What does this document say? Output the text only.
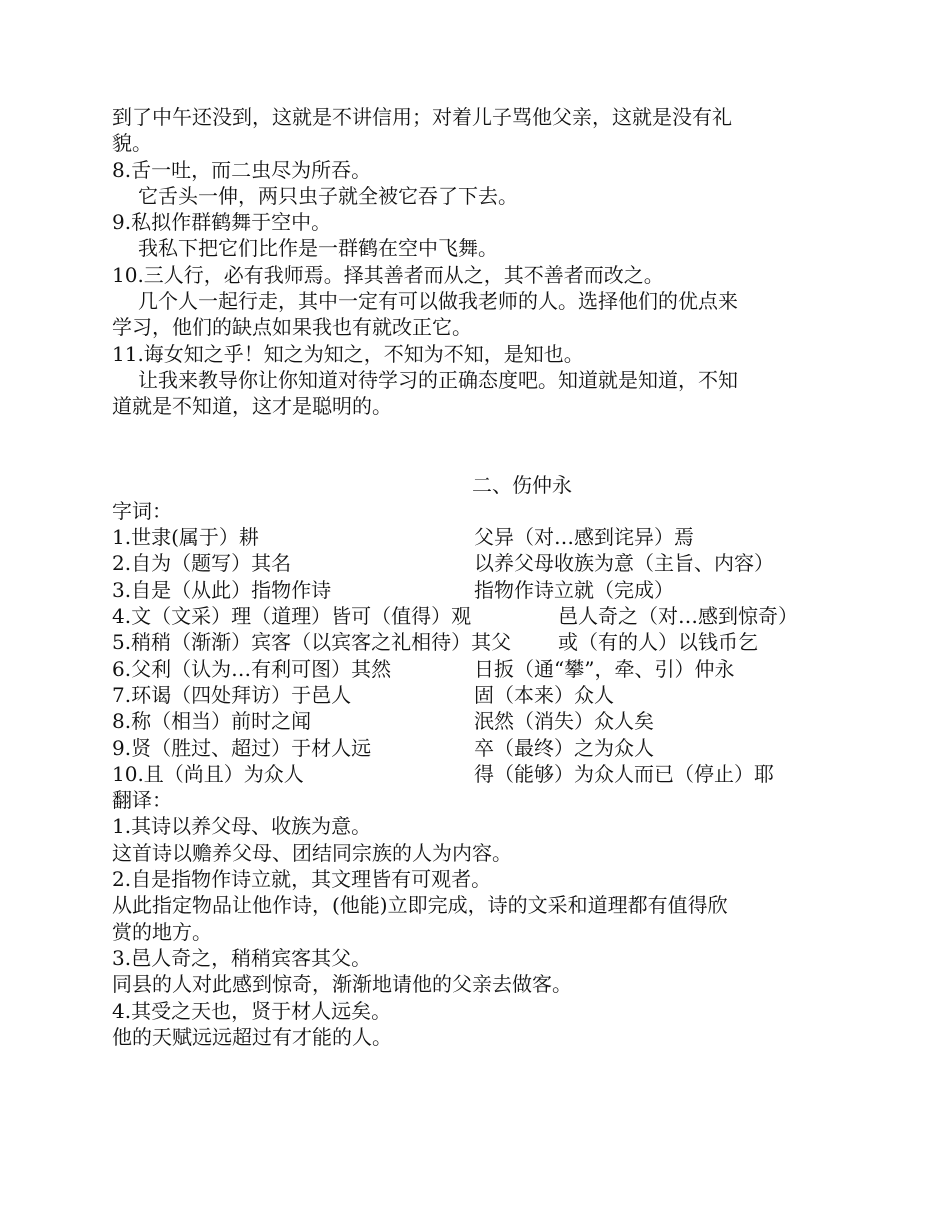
到了中午还没到，这就是不讲信用；对着儿子骂他父亲，这就是没有礼
貌。
8.舌一吐，而二虫尽为所吞。
它舌头一伸，两只虫子就全被它吞了下去。
9.私拟作群鹤舞于空中。
我私下把它们比作是一群鹤在空中飞舞。
10.三人行，必有我师焉。择其善者而从之，其不善者而改之。
几个人一起行走，其中一定有可以做我老师的人。选择他们的优点来
学习，他们的缺点如果我也有就改正它。
11.诲女知之乎！知之为知之，不知为不知，是知也。
让我来教导你让你知道对待学习的正确态度吧。知道就是知道，不知
道就是不知道，这才是聪明的。
二、伤仲永
字词：
1.世隶(属于）耕	父异（对…感到诧异）焉
2.自为（题写）其名	以养父母收族为意（主旨、内容）
3.自是（从此）指物作诗	指物作诗立就（完成）
4.文（文采）理（道理）皆可（值得）观	邑人奇之（对…感到惊奇）
5.稍稍（渐渐）宾客（以宾客之礼相待）其父	或（有的人）以钱币乞
6.父利（认为…有利可图）其然	日扳（通“攀”，牵、引）仲永
7.环谒（四处拜访）于邑人	固（本来）众人
8.称（相当）前时之闻	泯然（消失）众人矣
9.贤（胜过、超过）于材人远	卒（最终）之为众人
10.且（尚且）为众人	得（能够）为众人而已（停止）耶
翻译：
1.其诗以养父母、收族为意。
这首诗以赡养父母、团结同宗族的人为内容。
2.自是指物作诗立就，其文理皆有可观者。
从此指定物品让他作诗，(他能)立即完成，诗的文采和道理都有值得欣
赏的地方。
3.邑人奇之，稍稍宾客其父。
同县的人对此感到惊奇，渐渐地请他的父亲去做客。
4.其受之天也，贤于材人远矣。
他的天赋远远超过有才能的人。
